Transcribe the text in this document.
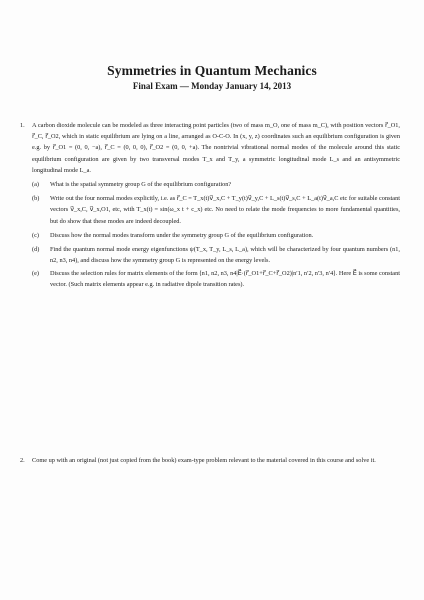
Symmetries in Quantum Mechanics
Final Exam — Monday January 14, 2013
1. A carbon dioxide molecule can be modeled as three interacting point particles (two of mass m_O, one of mass m_C), with position vectors r⃗_O1, r⃗_C, r⃗_O2, which in static equilibrium are lying on a line, arranged as O-C-O. In (x, y, z) coordinates such an equilibrium configuration is given e.g. by r⃗_O1 = (0, 0, −a), r⃗_C = (0, 0, 0), r⃗_O2 = (0, 0, +a). The nontrivial vibrational normal modes of the molecule around this static equilibrium configuration are given by two transversal modes T_x and T_y, a symmetric longitudinal mode L_s and an antisymmetric longitudinal mode L_a.
(a) What is the spatial symmetry group G of the equilibrium configuration?
(b) Write out the four normal modes explicitly, i.e. as r⃗_C = T_x(t)v⃗_x,C + T_y(t)v⃗_y,C + L_s(t)v⃗_s,C + L_a(t)v⃗_a,C etc for suitable constant vectors v⃗_x,C, v⃗_x,O1, etc, with T_x(t) = sin(ω_x t + c_x) etc. No need to relate the mode frequencies to more fundamental quantities, but do show that these modes are indeed decoupled.
(c) Discuss how the normal modes transform under the symmetry group G of the equilibrium configuration.
(d) Find the quantum normal mode energy eigenfunctions ψ(T_x, T_y, L_s, L_a), which will be characterized by four quantum numbers (n1, n2, n3, n4), and discuss how the symmetry group G is represented on the energy levels.
(e) Discuss the selection rules for matrix elements of the form ⟨n1, n2, n3, n4|E⃗·(r⃗_O1+r⃗_C+r⃗_O2)|n′1, n′2, n′3, n′4⟩. Here E⃗ is some constant vector. (Such matrix elements appear e.g. in radiative dipole transition rates).
2. Come up with an original (not just copied from the book) exam-type problem relevant to the material covered in this course and solve it.
